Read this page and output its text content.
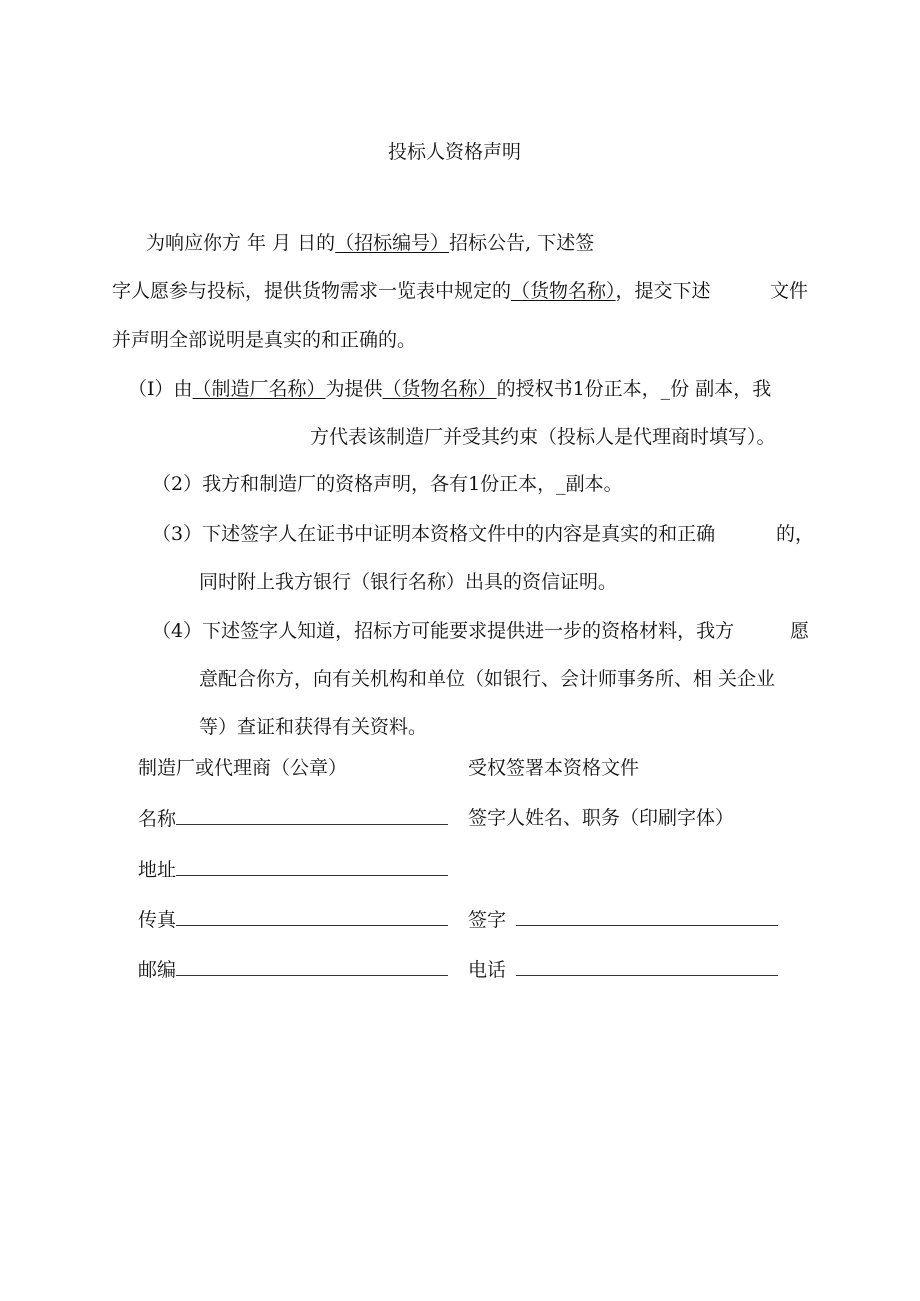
投标人资格声明
为响应你方 年 月 日的（招标编号）招标公告, 下述签
字人愿参与投标，提供货物需求一览表中规定的（货物名称），提交下述	文件
并声明全部说明是真实的和正确的。
（I）由（制造厂名称）为提供（货物名称）的授权书1份正本，_份 副本，我
方代表该制造厂并受其约束（投标人是代理商时填写）。
（2）我方和制造厂的资格声明，各有1份正本，_副本。
（3）下述签字人在证书中证明本资格文件中的内容是真实的和正确	的，
同时附上我方银行（银行名称）出具的资信证明。
（4）下述签字人知道，招标方可能要求提供进一步的资格材料，我方	愿
意配合你方，向有关机构和单位（如银行、会计师事务所、相 关企业
等）查证和获得有关资料。
制造厂或代理商（公章）	受权签署本资格文件
名称	签字人姓名、职务（印刷字体）
地址
传真	签字
邮编	电话
